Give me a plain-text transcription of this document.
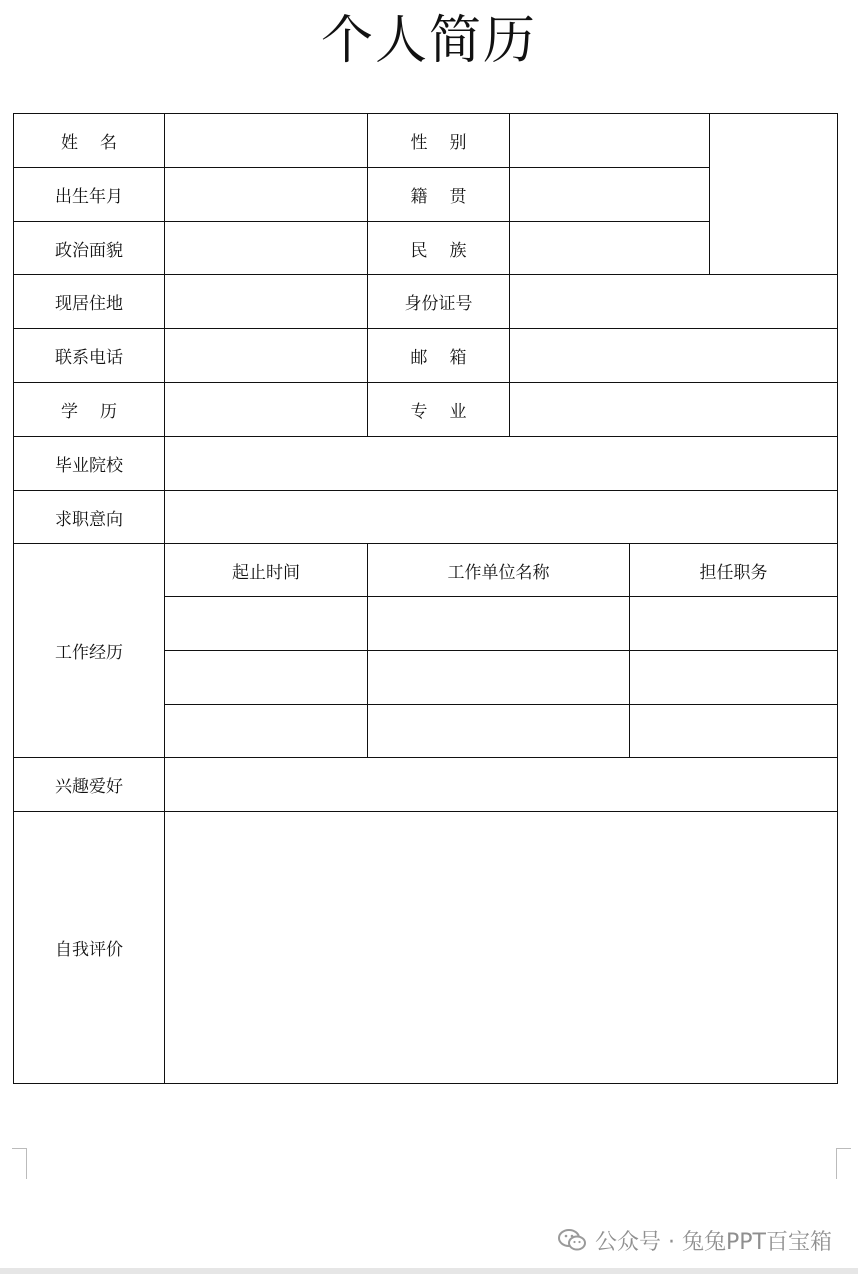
个人简历
姓名	性别
出生年月	籍贯
政治面貌	民族
现居住地	身份证号
联系电话	邮箱
学历	专业
毕业院校
求职意向
工作经历
起止时间	工作单位名称	担任职务
兴趣爱好
自我评价
公众号 · 兔兔PPT百宝箱
